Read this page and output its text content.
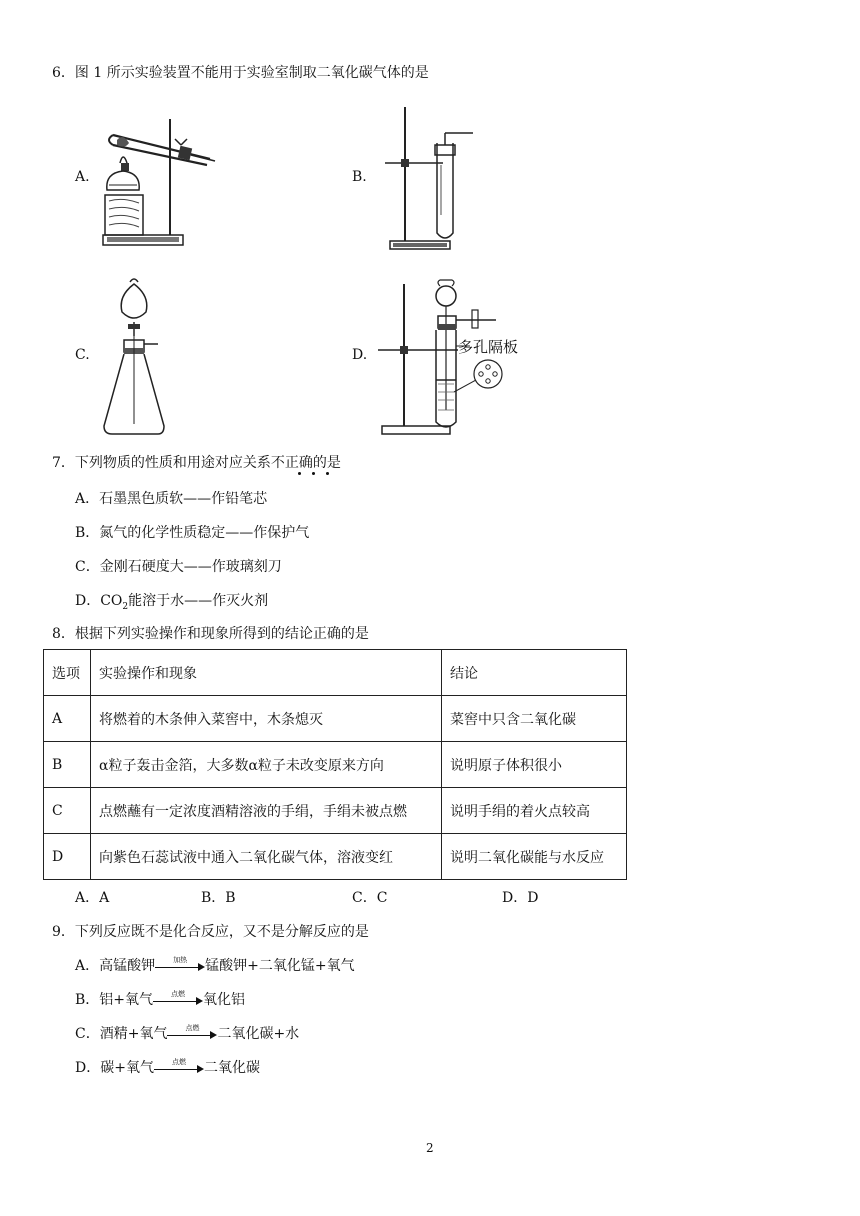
6．图 1 所示实验装置不能用于实验室制取二氧化碳气体的是
A.	B.
C.	D.	多孔隔板
7．下列物质的性质和用途对应关系不正确的是
A．石墨黑色质软——作铅笔芯
B．氮气的化学性质稳定——作保护气
C．金刚石硬度大——作玻璃刻刀
D．$CO_2$能溶于水——作灭火剂
8．根据下列实验操作和现象所得到的结论正确的是
选项	实验操作和现象	结论
A	将燃着的木条伸入菜窖中，木条熄灭	菜窖中只含二氧化碳
B	α粒子轰击金箔，大多数α粒子未改变原来方向	说明原子体积很小
C	点燃蘸有一定浓度酒精溶液的手绢，手绢未被点燃	说明手绢的着火点较高
D	向紫色石蕊试液中通入二氧化碳气体，溶液变红	说明二氧化碳能与水反应
A．A	B．B	C．C	D．D
9．下列反应既不是化合反应，又不是分解反应的是
A．高锰酸钾	加热	锰酸钾+二氧化锰+氧气
B．铝+氧气	点燃	氧化铝
C．酒精+氧气	点燃	二氧化碳+水
D．碳+氧气	点燃	二氧化碳
2
